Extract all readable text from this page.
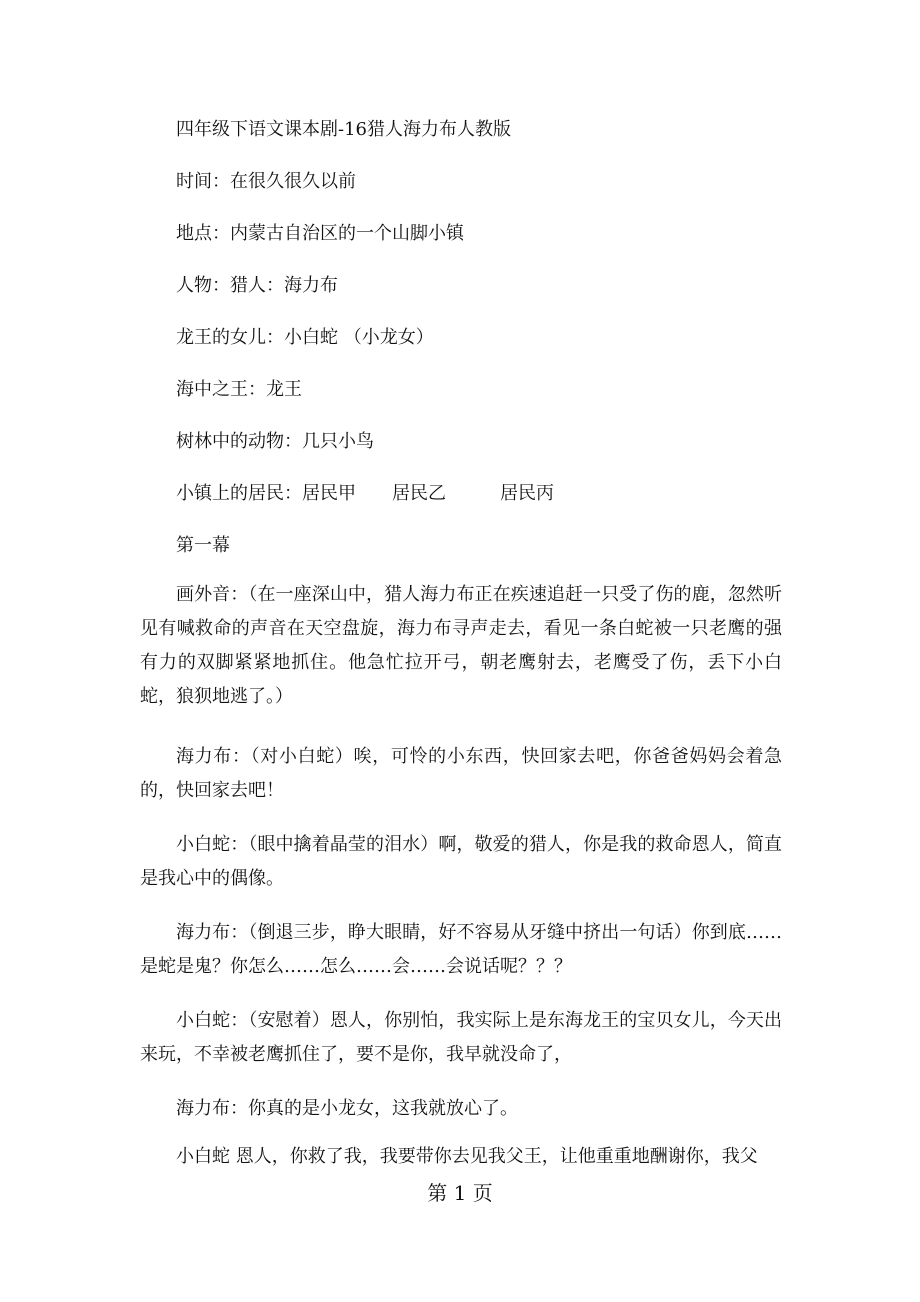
四年级下语文课本剧-16猎人海力布人教版
时间：在很久很久以前
地点：内蒙古自治区的一个山脚小镇
人物：猎人：海力布
龙王的女儿：小白蛇 （小龙女）
海中之王：龙王
树林中的动物：几只小鸟
小镇上的居民：居民甲 居民乙	居民丙
第一幕
画外音：（在一座深山中，猎人海力布正在疾速追赶一只受了伤的鹿，忽然听见有喊救命的声音在天空盘旋，海力布寻声走去，看见一条白蛇被一只老鹰的强有力的双脚紧紧地抓住。他急忙拉开弓，朝老鹰射去，老鹰受了伤，丢下小白蛇，狼狈地逃了。）
海力布：（对小白蛇）唉，可怜的小东西，快回家去吧，你爸爸妈妈会着急的，快回家去吧！
小白蛇：（眼中擒着晶莹的泪水）啊，敬爱的猎人，你是我的救命恩人，简直是我心中的偶像。
海力布：（倒退三步，睁大眼睛，好不容易从牙缝中挤出一句话）你到底……是蛇是鬼？你怎么……怎么……会……会说话呢？？？
小白蛇：（安慰着）恩人，你别怕，我实际上是东海龙王的宝贝女儿，今天出来玩，不幸被老鹰抓住了，要不是你，我早就没命了，
海力布：你真的是小龙女，这我就放心了。
小白蛇 恩人，你救了我，我要带你去见我父王，让他重重地酬谢你，我父
第 1 页
